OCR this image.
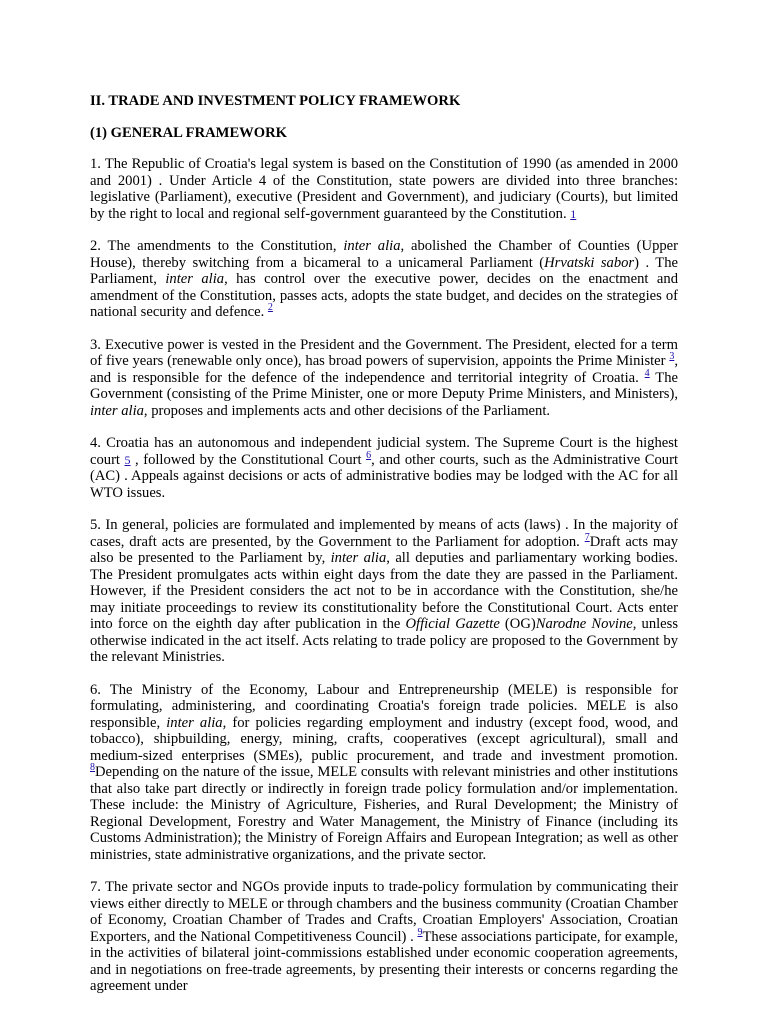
II. TRADE AND INVESTMENT POLICY FRAMEWORK
(1) GENERAL FRAMEWORK

1. The Republic of Croatia's legal system is based on the Constitution of 1990 (as amended in 2000 and 2001) . Under Article 4 of the Constitution, state powers are divided into three branches: legislative (Parliament), executive (President and Government), and judiciary (Courts), but limited by the right to local and regional self-government guaranteed by the Constitution. 1

2. The amendments to the Constitution, inter alia, abolished the Chamber of Counties (Upper House), thereby switching from a bicameral to a unicameral Parliament (Hrvatski sabor) . The Parliament, inter alia, has control over the executive power, decides on the enactment and amendment of the Constitution, passes acts, adopts the state budget, and decides on the strategies of national security and defence. $^2$

3. Executive power is vested in the President and the Government. The President, elected for a term of five years (renewable only once), has broad powers of supervision, appoints the Prime Minister $^3$, and is responsible for the defence of the independence and territorial integrity of Croatia. $^4$ The Government (consisting of the Prime Minister, one or more Deputy Prime Ministers, and Ministers), inter alia, proposes and implements acts and other decisions of the Parliament.

4. Croatia has an autonomous and independent judicial system. The Supreme Court is the highest court 5 , followed by the Constitutional Court $^6$, and other courts, such as the Administrative Court (AC) . Appeals against decisions or acts of administrative bodies may be lodged with the AC for all WTO issues.

5. In general, policies are formulated and implemented by means of acts (laws) . In the majority of cases, draft acts are presented, by the Government to the Parliament for adoption. $^7$Draft acts may also be presented to the Parliament by, inter alia, all deputies and parliamentary working bodies. The President promulgates acts within eight days from the date they are passed in the Parliament. However, if the President considers the act not to be in accordance with the Constitution, she/he may initiate proceedings to review its constitutionality before the Constitutional Court. Acts enter into force on the eighth day after publication in the Official Gazette (OG)Narodne Novine, unless otherwise indicated in the act itself. Acts relating to trade policy are proposed to the Government by the relevant Ministries.

6. The Ministry of the Economy, Labour and Entrepreneurship (MELE) is responsible for formulating, administering, and coordinating Croatia's foreign trade policies. MELE is also responsible, inter alia, for policies regarding employment and industry (except food, wood, and tobacco), shipbuilding, energy, mining, crafts, cooperatives (except agricultural), small and medium-sized enterprises (SMEs), public procurement, and trade and investment promotion. $^8$Depending on the nature of the issue, MELE consults with relevant ministries and other institutions that also take part directly or indirectly in foreign trade policy formulation and/or implementation. These include: the Ministry of Agriculture, Fisheries, and Rural Development; the Ministry of Regional Development, Forestry and Water Management, the Ministry of Finance (including its Customs Administration); the Ministry of Foreign Affairs and European Integration; as well as other ministries, state administrative organizations, and the private sector.

7. The private sector and NGOs provide inputs to trade-policy formulation by communicating their views either directly to MELE or through chambers and the business community (Croatian Chamber of Economy, Croatian Chamber of Trades and Crafts, Croatian Employers' Association, Croatian Exporters, and the National Competitiveness Council) . $^9$These associations participate, for example, in the activities of bilateral joint-commissions established under economic cooperation agreements, and in negotiations on free-trade agreements, by presenting their interests or concerns regarding the agreement under
